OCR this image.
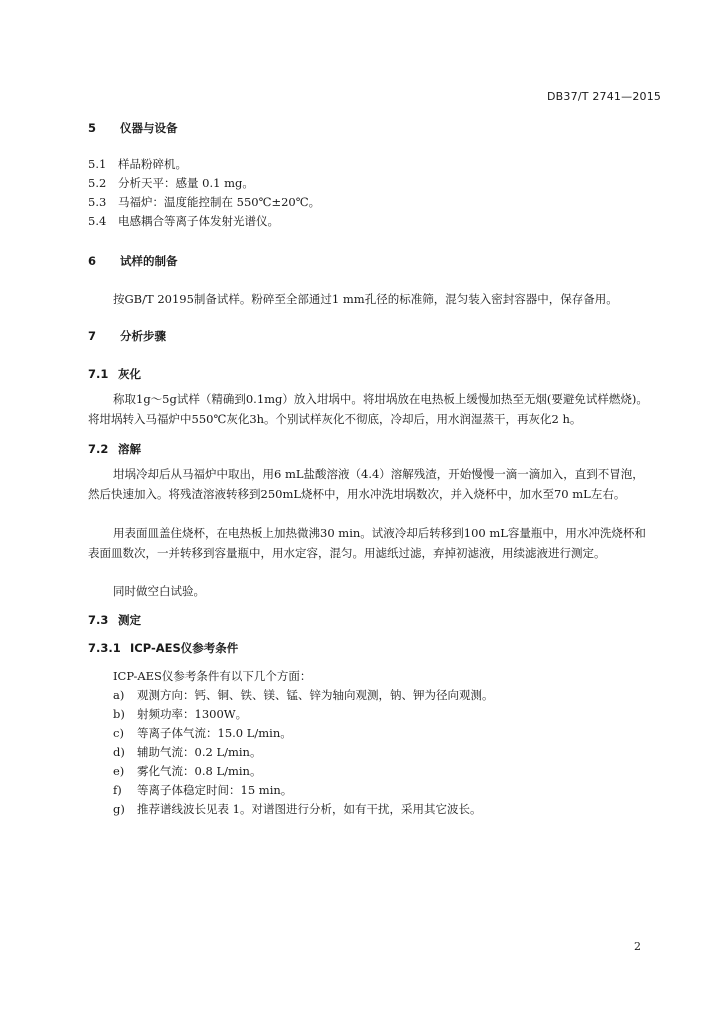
DB37/T 2741—2015
5 仪器与设备
5.1 样品粉碎机。
5.2 分析天平：感量 0.1 mg。
5.3 马福炉：温度能控制在 550℃±20℃。
5.4 电感耦合等离子体发射光谱仪。
6 试样的制备
按GB/T 20195制备试样。粉碎至全部通过1 mm孔径的标准筛，混匀装入密封容器中，保存备用。
7 分析步骤
7.1 灰化
称取1g～5g试样（精确到0.1mg）放入坩埚中。将坩埚放在电热板上缓慢加热至无烟(要避免试样燃烧)。将坩埚转入马福炉中550℃灰化3h。个别试样灰化不彻底，冷却后，用水润湿蒸干，再灰化2 h。
7.2 溶解
坩埚冷却后从马福炉中取出，用6 mL盐酸溶液（4.4）溶解残渣，开始慢慢一滴一滴加入，直到不冒泡，然后快速加入。将残渣溶液转移到250mL烧杯中，用水冲洗坩埚数次，并入烧杯中，加水至70 mL左右。
用表面皿盖住烧杯，在电热板上加热微沸30 min。试液冷却后转移到100 mL容量瓶中，用水冲洗烧杯和表面皿数次，一并转移到容量瓶中，用水定容，混匀。用滤纸过滤，弃掉初滤液，用续滤液进行测定。
同时做空白试验。
7.3 测定
7.3.1 ICP-AES仪参考条件
ICP-AES仪参考条件有以下几个方面：
a) 观测方向：钙、铜、铁、镁、锰、锌为轴向观测，钠、钾为径向观测。
b) 射频功率：1300W。
c) 等离子体气流：15.0 L/min。
d) 辅助气流：0.2 L/min。
e) 雾化气流：0.8 L/min。
f) 等离子体稳定时间：15 min。
g) 推荐谱线波长见表 1。对谱图进行分析，如有干扰，采用其它波长。
2
